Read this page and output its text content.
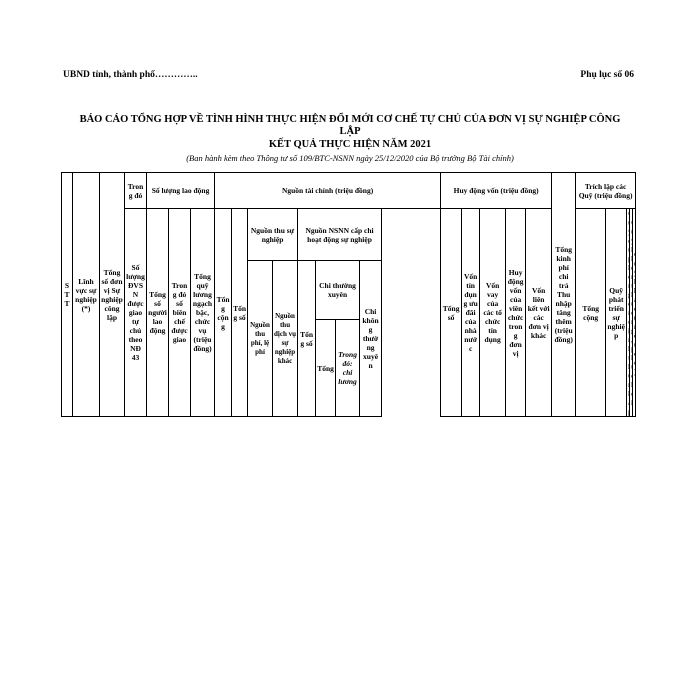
UBND tỉnh, thành phố…………..	Phụ lục số 06
BÁO CÁO TỔNG HỢP VỀ TÌNH HÌNH THỰC HIỆN ĐỔI MỚI CƠ CHẾ TỰ CHỦ CỦA ĐƠN VỊ SỰ NGHIỆP CÔNG LẬP
KẾT QUẢ THỰC HIỆN NĂM 2021
(Ban hành kèm theo Thông tư số 109/BTC-NSNN ngày 25/12/2020 của Bộ trưởng Bộ Tài chính)
STT	Lĩnh vực sự nghiệp (*)	Tổng số đơn vị Sự nghiệp công lập	Trong đó	Số lượng lao động			Nguồn tài chính (triệu đồng)									Huy động vốn (triệu đồng)					Tổng kinh phí chi trả Thu nhập tăng thêm (triệu đồng)	Trích lập các Quỹ (triệu đồng)				
			Số lượng ĐVSN được giao tự chủ theo NĐ 43	Tổng số người lao động	Trong đó số biên chế được giao	Tổng quỹ lương ngạch bậc, chức vụ (triệu đồng)	Tổng cộng	Tổng số	Nguồn thu sự nghiệp		Nguồn NSNN cấp chi hoạt động sự nghiệp					Tổng số	Vốn tín dụng ưu đãi của nhà nước	Vốn vay của các tổ chức tín dụng	Huy động vốn của viên chức trong đơn vị	Vốn liên kết với các đơn vị khác		Tổng cộng	Quỹ phát triển sự nghiệp			
									Nguồn thu phí, lệ phí	Nguồn thu dịch vụ sự nghiệp khác	Tổng số	Chi thường xuyên		Chi không thường xuyên												
												Tổng	Trong đó: chi lương													
